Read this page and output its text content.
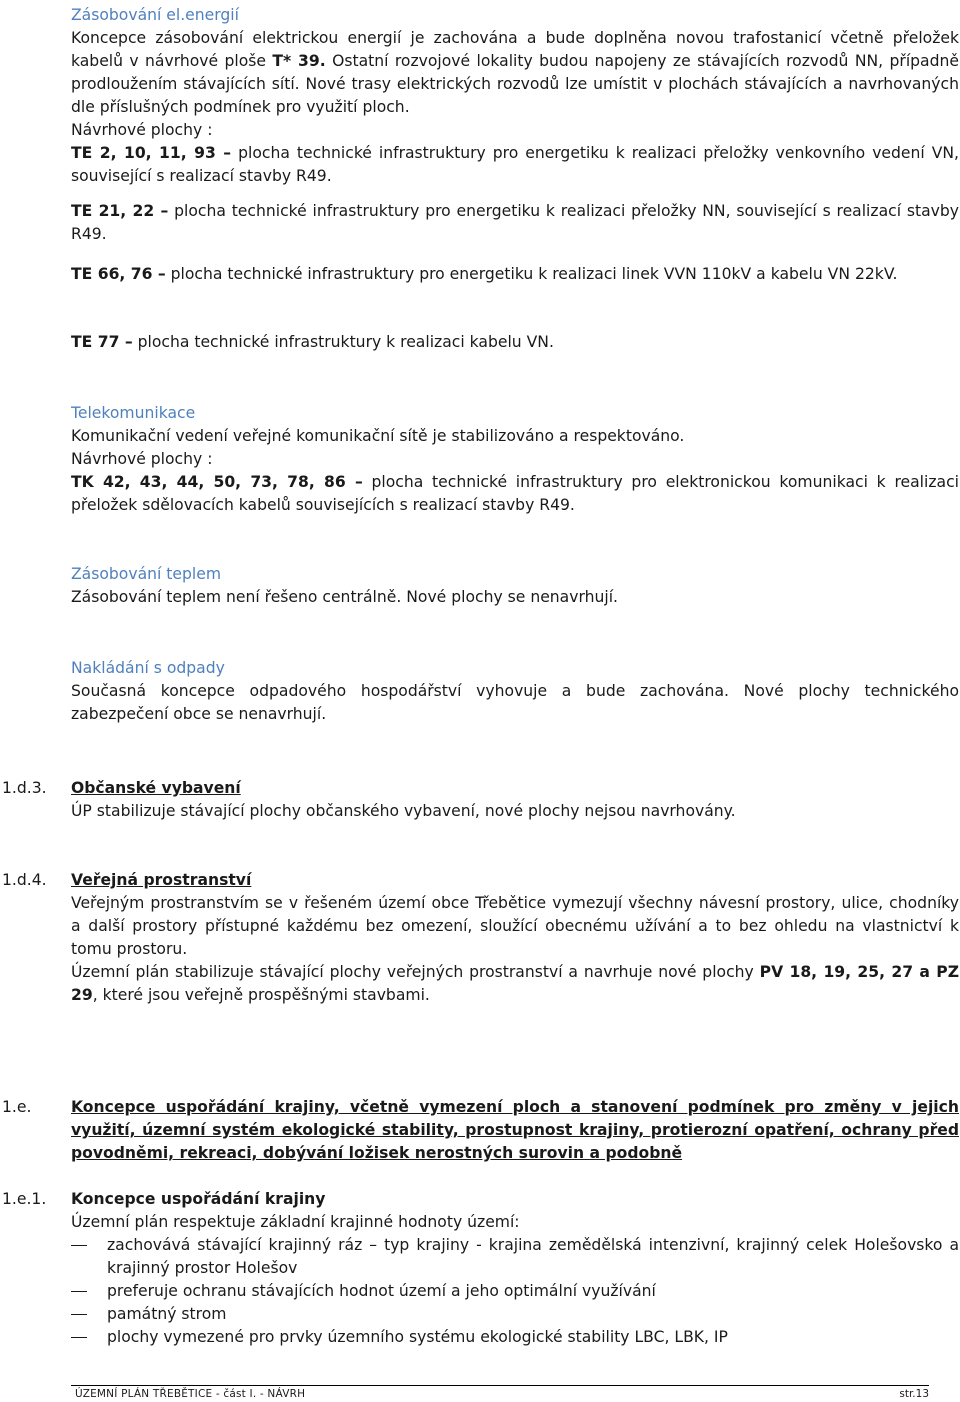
Zásobování el.energií
Koncepce zásobování elektrickou energií je zachována a bude doplněna novou trafostanicí včetně přeložek kabelů v návrhové ploše T* 39. Ostatní rozvojové lokality budou napojeny ze stávajících rozvodů NN, případně prodloužením stávajících sítí. Nové trasy elektrických rozvodů lze umístit v plochách stávajících a navrhovaných dle příslušných podmínek pro využití ploch.
Návrhové plochy :
TE 2, 10, 11, 93 – plocha technické infrastruktury pro energetiku k realizaci přeložky venkovního vedení VN, související s realizací stavby R49.
TE 21, 22 – plocha technické infrastruktury pro energetiku k realizaci přeložky NN, související s realizací stavby R49.
TE 66, 76 – plocha technické infrastruktury pro energetiku k realizaci linek VVN 110kV a kabelu VN 22kV.
TE 77 – plocha technické infrastruktury k realizaci kabelu VN.
Telekomunikace
Komunikační vedení veřejné komunikační sítě je stabilizováno a respektováno.
Návrhové plochy :
TK 42, 43, 44, 50, 73, 78, 86 – plocha technické infrastruktury pro elektronickou komunikaci k realizaci přeložek sdělovacích kabelů souvisejících s realizací stavby R49.
Zásobování teplem
Zásobování teplem není řešeno centrálně. Nové plochy se nenavrhují.
Nakládání s odpady
Současná koncepce odpadového hospodářství vyhovuje a bude zachována. Nové plochy technického zabezpečení obce se nenavrhují.
1.d.3. Občanské vybavení
ÚP stabilizuje stávající plochy občanského vybavení, nové plochy nejsou navrhovány.
1.d.4. Veřejná prostranství
Veřejným prostranstvím se v řešeném území obce Třebětice vymezují všechny návesní prostory, ulice, chodníky a další prostory přístupné každému bez omezení, sloužící obecnému užívání a to bez ohledu na vlastnictví k tomu prostoru.
Územní plán stabilizuje stávající plochy veřejných prostranství a navrhuje nové plochy PV 18, 19, 25, 27 a PZ 29, které jsou veřejně prospěšnými stavbami.
1.e.	Koncepce uspořádání krajiny, včetně vymezení ploch a stanovení podmínek pro změny v jejich využití, územní systém ekologické stability, prostupnost krajiny, protierozní opatření, ochrany před povodněmi, rekreaci, dobývání ložisek nerostných surovin a podobně
1.e.1. Koncepce uspořádání krajiny
Územní plán respektuje základní krajinné hodnoty území:
zachovává stávající krajinný ráz – typ krajiny - krajina zemědělská intenzivní, krajinný celek Holešovsko a krajinný prostor Holešov
preferuje ochranu stávajících hodnot území a jeho optimální využívání
památný strom
plochy vymezené pro prvky územního systému ekologické stability LBC, LBK, IP
ÚZEMNÍ PLÁN TŘEBĚTICE - část I. - NÁVRH	str.13
